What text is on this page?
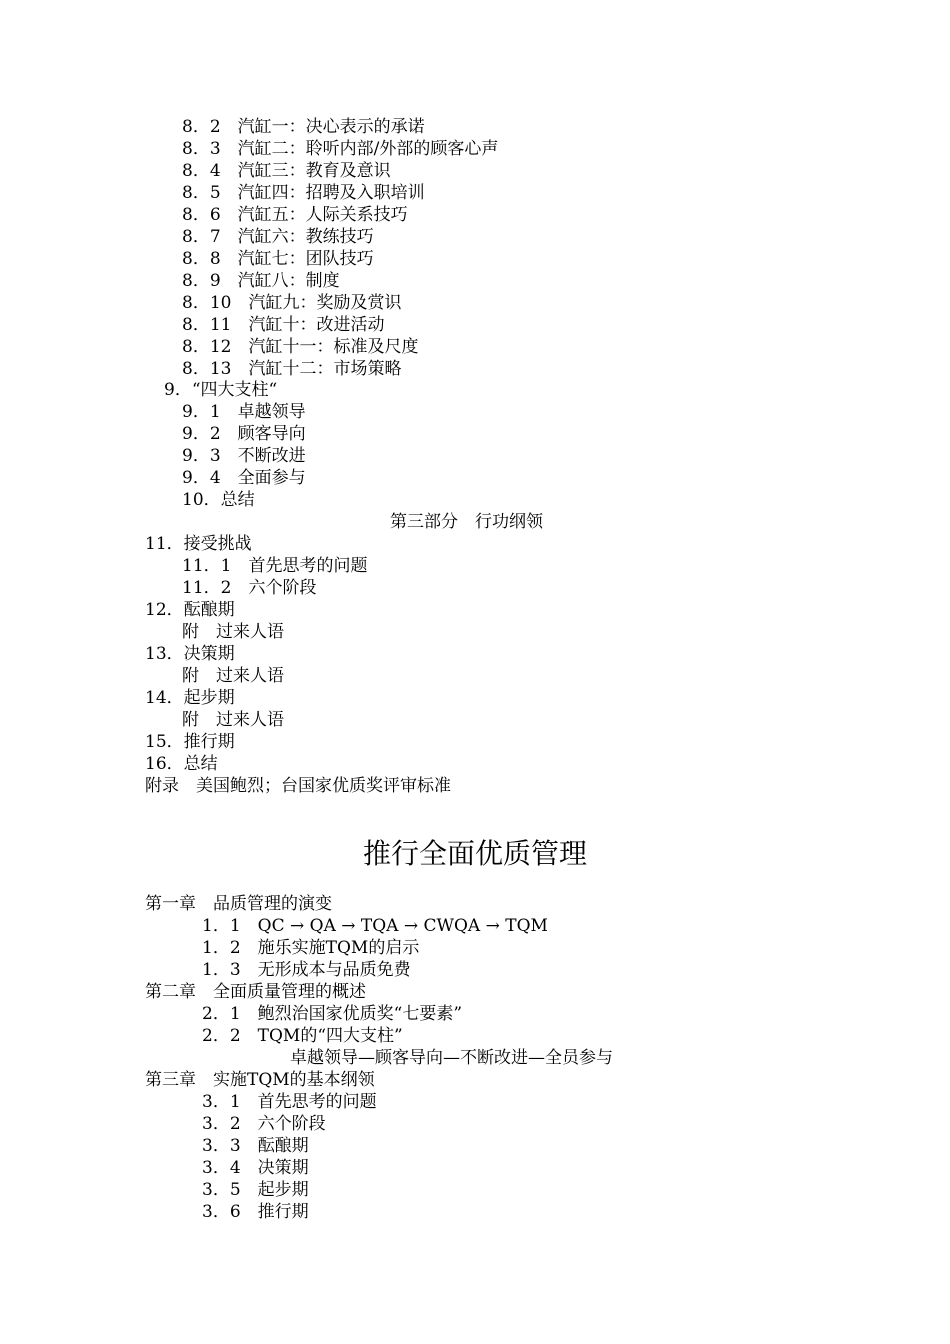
8．2　汽缸一：决心表示的承诺
8．3　汽缸二：聆听内部/外部的顾客心声
8．4　汽缸三：教育及意识
8．5　汽缸四：招聘及入职培训
8．6　汽缸五：人际关系技巧
8．7　汽缸六：教练技巧
8．8　汽缸七：团队技巧
8．9　汽缸八：制度
8．10　汽缸九：奖励及赏识
8．11　汽缸十：改进活动
8．12　汽缸十一：标准及尺度
8．13　汽缸十二：市场策略
9．“四大支柱“
9．1　卓越领导
9．2　顾客导向
9．3　不断改进
9．4　全面参与
10．总结
第三部分　行功纲领
11．接受挑战
11．1　首先思考的问题
11．2　六个阶段
12．酝酿期
附　过来人语
13．决策期
附　过来人语
14．起步期
附　过来人语
15．推行期
16．总结
附录　美国鲍烈；台国家优质奖评审标准
推行全面优质管理
第一章　品质管理的演变
1．1　QC → QA → TQA → CWQA → TQM
1．2　施乐实施TQM的启示
1．3　无形成本与品质免费
第二章　全面质量管理的概述
2．1　鲍烈治国家优质奖“七要素”
2．2　TQM的“四大支柱”
卓越领导—顾客导向—不断改进—全员参与
第三章　实施TQM的基本纲领
3．1　首先思考的问题
3．2　六个阶段
3．3　酝酿期
3．4　决策期
3．5　起步期
3．6　推行期
